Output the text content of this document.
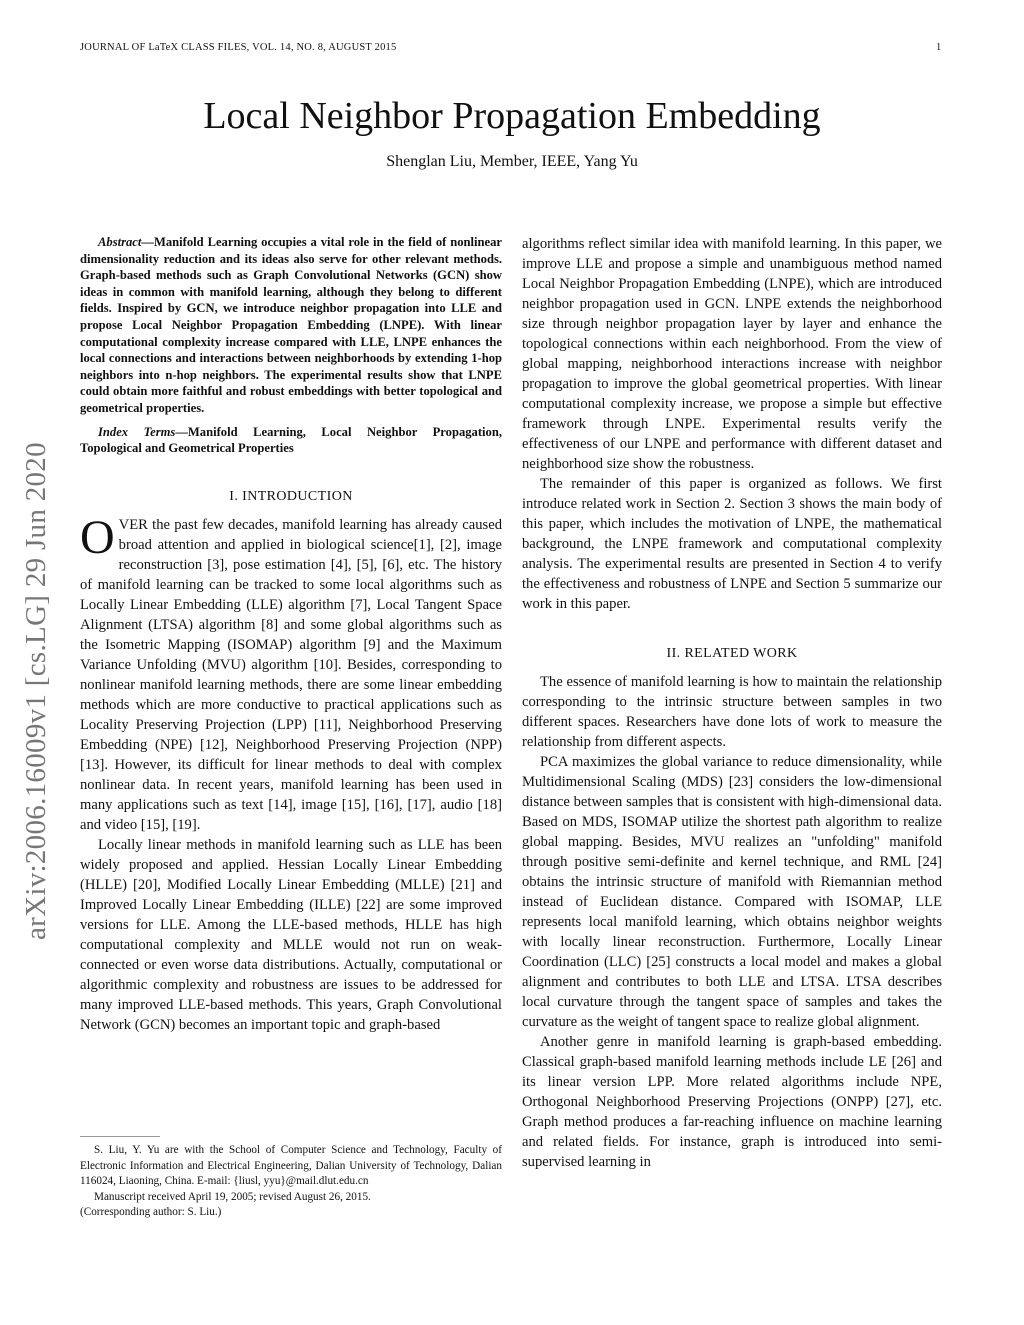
JOURNAL OF LaTeX CLASS FILES, VOL. 14, NO. 8, AUGUST 2015	1
Local Neighbor Propagation Embedding
Shenglan Liu, Member, IEEE, Yang Yu
arXiv:2006.16009v1 [cs.LG] 29 Jun 2020

Abstract—Manifold Learning occupies a vital role in the field of nonlinear dimensionality reduction and its ideas also serve for other relevant methods. Graph-based methods such as Graph Convolutional Networks (GCN) show ideas in common with manifold learning, although they belong to different fields. Inspired by GCN, we introduce neighbor propagation into LLE and propose Local Neighbor Propagation Embedding (LNPE). With linear computational complexity increase compared with LLE, LNPE enhances the local connections and interactions between neighborhoods by extending 1-hop neighbors into n-hop neighbors. The experimental results show that LNPE could obtain more faithful and robust embeddings with better topological and geometrical properties.

Index Terms—Manifold Learning, Local Neighbor Propagation, Topological and Geometrical Properties

I. INTRODUCTION

OVER the past few decades, manifold learning has already caused broad attention and applied in biological science[1], [2], image reconstruction [3], pose estimation [4], [5], [6], etc. The history of manifold learning can be tracked to some local algorithms such as Locally Linear Embedding (LLE) algorithm [7], Local Tangent Space Alignment (LTSA) algorithm [8] and some global algorithms such as the Isometric Mapping (ISOMAP) algorithm [9] and the Maximum Variance Unfolding (MVU) algorithm [10]. Besides, corresponding to nonlinear manifold learning methods, there are some linear embedding methods which are more conductive to practical applications such as Locality Preserving Projection (LPP) [11], Neighborhood Preserving Embedding (NPE) [12], Neighborhood Preserving Projection (NPP) [13]. However, its difficult for linear methods to deal with complex nonlinear data. In recent years, manifold learning has been used in many applications such as text [14], image [15], [16], [17], audio [18] and video [15], [19].

Locally linear methods in manifold learning such as LLE has been widely proposed and applied. Hessian Locally Linear Embedding (HLLE) [20], Modified Locally Linear Embedding (MLLE) [21] and Improved Locally Linear Embedding (ILLE) [22] are some improved versions for LLE. Among the LLE-based methods, HLLE has high computational complexity and MLLE would not run on weak-connected or even worse data distributions. Actually, computational or algorithmic complexity and robustness are issues to be addressed for many improved LLE-based methods. This years, Graph Convolutional Network (GCN) becomes an important topic and graph-based

S. Liu, Y. Yu are with the School of Computer Science and Technology, Faculty of Electronic Information and Electrical Engineering, Dalian University of Technology, Dalian 116024, Liaoning, China. E-mail: {liusl, yyu}@mail.dlut.edu.cn

Manuscript received April 19, 2005; revised August 26, 2015.

(Corresponding author: S. Liu.)

algorithms reflect similar idea with manifold learning. In this paper, we improve LLE and propose a simple and unambiguous method named Local Neighbor Propagation Embedding (LNPE), which are introduced neighbor propagation used in GCN. LNPE extends the neighborhood size through neighbor propagation layer by layer and enhance the topological connections within each neighborhood. From the view of global mapping, neighborhood interactions increase with neighbor propagation to improve the global geometrical properties. With linear computational complexity increase, we propose a simple but effective framework through LNPE. Experimental results verify the effectiveness of our LNPE and performance with different dataset and neighborhood size show the robustness.

The remainder of this paper is organized as follows. We first introduce related work in Section 2. Section 3 shows the main body of this paper, which includes the motivation of LNPE, the mathematical background, the LNPE framework and computational complexity analysis. The experimental results are presented in Section 4 to verify the effectiveness and robustness of LNPE and Section 5 summarize our work in this paper.

II. RELATED WORK

The essence of manifold learning is how to maintain the relationship corresponding to the intrinsic structure between samples in two different spaces. Researchers have done lots of work to measure the relationship from different aspects.

PCA maximizes the global variance to reduce dimensionality, while Multidimensional Scaling (MDS) [23] considers the low-dimensional distance between samples that is consistent with high-dimensional data. Based on MDS, ISOMAP utilize the shortest path algorithm to realize global mapping. Besides, MVU realizes an "unfolding" manifold through positive semi-definite and kernel technique, and RML [24] obtains the intrinsic structure of manifold with Riemannian method instead of Euclidean distance. Compared with ISOMAP, LLE represents local manifold learning, which obtains neighbor weights with locally linear reconstruction. Furthermore, Locally Linear Coordination (LLC) [25] constructs a local model and makes a global alignment and contributes to both LLE and LTSA. LTSA describes local curvature through the tangent space of samples and takes the curvature as the weight of tangent space to realize global alignment.

Another genre in manifold learning is graph-based embedding. Classical graph-based manifold learning methods include LE [26] and its linear version LPP. More related algorithms include NPE, Orthogonal Neighborhood Preserving Projections (ONPP) [27], etc. Graph method produces a far-reaching influence on machine learning and related fields. For instance, graph is introduced into semi-supervised learning in
